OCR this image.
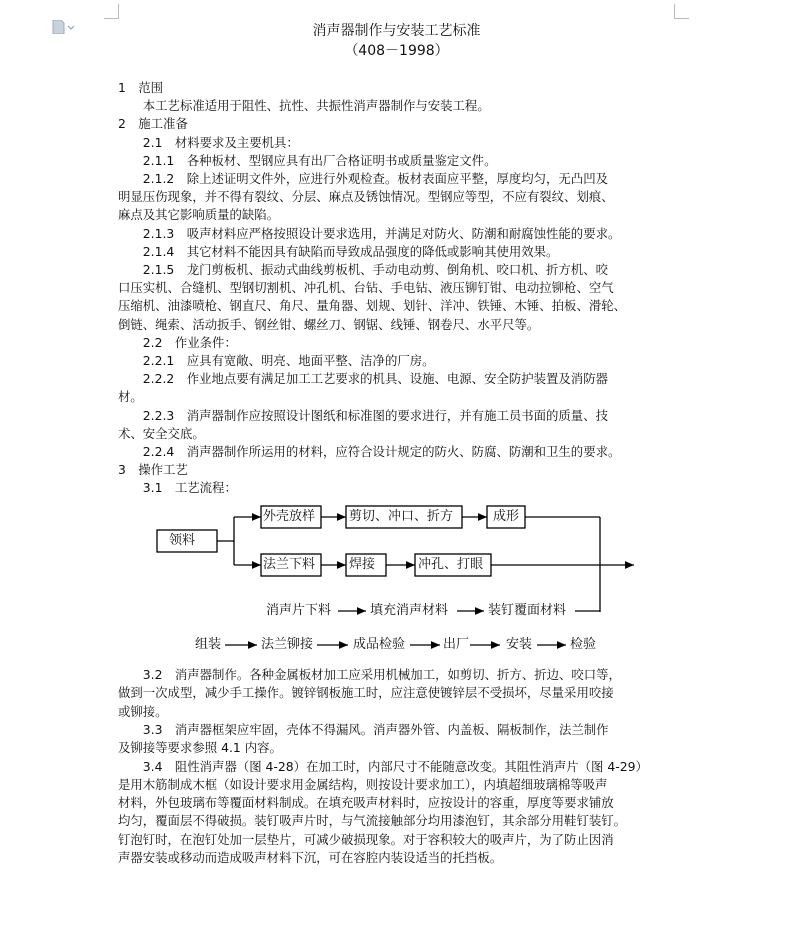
消声器制作与安装工艺标准
（408－1998）
1　范围
　　本工艺标准适用于阻性、抗性、共振性消声器制作与安装工程。
2　施工准备
　　2.1　材料要求及主要机具：
　　2.1.1　各种板材、型钢应具有出厂合格证明书或质量鉴定文件。
　　2.1.2　除上述证明文件外，应进行外观检查。板材表面应平整，厚度均匀，无凸凹及
明显压伤现象，并不得有裂纹、分层、麻点及锈蚀情况。型钢应等型，不应有裂纹、划痕、
麻点及其它影响质量的缺陷。
　　2.1.3　吸声材料应严格按照设计要求选用，并满足对防火、防潮和耐腐蚀性能的要求。
　　2.1.4　其它材料不能因具有缺陷而导致成品强度的降低或影响其使用效果。
　　2.1.5　龙门剪板机、振动式曲线剪板机、手动电动剪、倒角机、咬口机、折方机、咬
口压实机、合缝机、型钢切割机、冲孔机、台钻、手电钻、液压铆钉钳、电动拉铆枪、空气
压缩机、油漆喷枪、钢直尺、角尺、量角器、划规、划针、洋冲、铁锤、木锤、拍板、滑轮、
倒链、绳索、活动扳手、钢丝钳、螺丝刀、钢锯、线锤、钢卷尺、水平尺等。
　　2.2　作业条件：
　　2.2.1　应具有宽敞、明亮、地面平整、洁净的厂房。
　　2.2.2　作业地点要有满足加工工艺要求的机具、设施、电源、安全防护装置及消防器
材。
　　2.2.3　消声器制作应按照设计图纸和标准图的要求进行，并有施工员书面的质量、技
术、安全交底。
　　2.2.4　消声器制作所运用的材料，应符合设计规定的防火、防腐、防潮和卫生的要求。
3　操作工艺
　　3.1　工艺流程：
领料
外壳放样	剪切、冲口、折方	成形
法兰下料	焊接	冲孔、打眼
消声片下料	填充消声材料	装钉覆面材料
组装	法兰铆接	成品检验	出厂	安装	检验
　　3.2　消声器制作。各种金属板材加工应采用机械加工，如剪切、折方、折边、咬口等，
做到一次成型，减少手工操作。镀锌钢板施工时，应注意使镀锌层不受损坏，尽量采用咬接
或铆接。
　　3.3　消声器框架应牢固，壳体不得漏风。消声器外管、内盖板、隔板制作，法兰制作
及铆接等要求参照 4.1 内容。
　　3.4　阻性消声器（图 4-28）在加工时，内部尺寸不能随意改变。其阻性消声片（图 4-29）
是用木筋制成木框（如设计要求用金属结构，则按设计要求加工），内填超细玻璃棉等吸声
材料，外包玻璃布等覆面材料制成。在填充吸声材料时，应按设计的容重，厚度等要求铺放
均匀，覆面层不得破损。装钉吸声片时，与气流接触部分均用漆泡钉，其余部分用鞋钉装钉。
钉泡钉时，在泡钉处加一层垫片，可减少破损现象。对于容积较大的吸声片，为了防止因消
声器安装或移动而造成吸声材料下沉，可在容腔内装设适当的托挡板。
